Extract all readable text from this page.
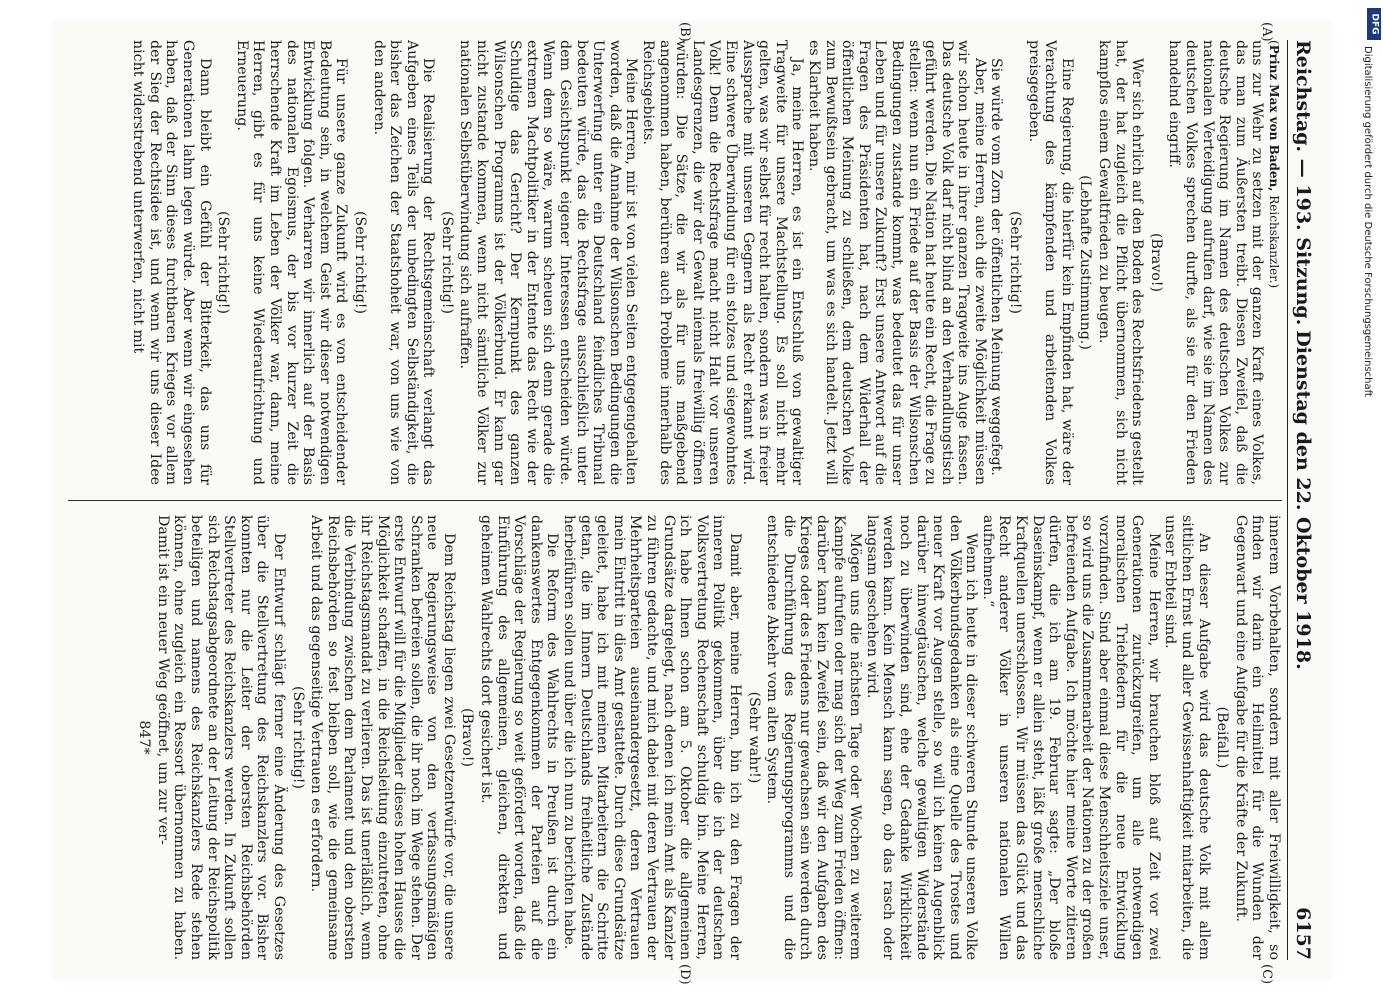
Reichstag. — 193. Sitzung.
Dienstag den 22. Oktober 1918.
6157
(A)
(B)
(C)
(D)

(Prinz Max von Baden, Reichskanzler.)

uns zur Wehr zu setzen mit der ganzen Kraft eines Volkes, das man zum Äußersten treibt. Diesen Zweifel, daß die deutsche Regierung im Namen des deutschen Volkes zur nationalen Verteidigung aufrufen darf, wie sie im Namen des deutschen Volkes sprechen durfte, als sie für den Frieden handelnd eingriff.

(Bravo!)

Wer sich ehrlich auf den Boden des Rechtsfriedens gestellt hat, der hat zugleich die Pflicht übernommen, sich nicht kampflos einem Gewaltfrieden zu beugen.

(Lebhafte Zustimmung.)

Eine Regierung, die hierfür kein Empfinden hat, wäre der Verachtung des kämpfenden und arbeitenden Volkes preisgegeben.

(Sehr richtig!)

Sie würde vom Zorn der öffentlichen Meinung weggefegt.

Aber, meine Herren, auch die zweite Möglichkeit müssen wir schon heute in ihrer ganzen Tragweite ins Auge fassen. Das deutsche Volk darf nicht blind an den Verhandlungstisch geführt werden. Die Nation hat heute ein Recht, die Frage zu stellen: wenn nun ein Friede auf der Basis der Wilsonschen Bedingungen zustande kommt, was bedeutet das für unser Leben und für unsere Zukunft? Erst unsere Antwort auf die Fragen des Präsidenten hat, nach dem Widerhall der öffentlichen Meinung zu schließen, dem deutschen Volke zum Bewußtsein gebracht, um was es sich handelt. Jetzt will es Klarheit haben.

Ja, meine Herren, es ist ein Entschluß von gewaltiger Tragweite für unsere Machtstellung. Es soll nicht mehr gelten, was wir selbst für recht halten, sondern was in freier Aussprache mit unseren Gegnern als Recht erkannt wird. Eine schwere Überwindung für ein stolzes und siegewohntes Volk! Denn die Rechtsfrage macht nicht Halt vor unseren Landesgrenzen, die wir der Gewalt niemals freiwillig öffnen würden: Die Sätze, die wir als für uns maßgebend angenommen haben, berühren auch Probleme innerhalb des Reichsgebiets.

Meine Herren, mir ist von vielen Seiten entgegengehalten worden, daß die Annahme der Wilsonschen Bedingungen die Unterwerfung unter ein Deutschland feindliches Tribunal bedeuten würde, das die Rechtsfrage ausschließlich unter dem Gesichtspunkt eigener Interessen entscheiden würde. Wenn dem so wäre, warum scheuen sich denn gerade die extremen Machtpolitiker in der Entente das Recht wie der Schuldige das Gericht? Der Kernpunkt des ganzen Wilsonschen Programms ist der Völkerbund. Er kann gar nicht zustande kommen, wenn nicht sämtliche Völker zur nationalen Selbstüberwindung sich aufraffen.

(Sehr richtig!)

Die Realisierung der Rechtsgemeinschaft verlangt das Aufgeben eines Teils der unbedingten Selbständigkeit, die bisher das Zeichen der Staatshoheit war, von uns wie von den anderen.

(Sehr richtig!)

Für unsere ganze Zukunft wird es von entscheidender Bedeutung sein, in welchem Geist wir dieser notwendigen Entwicklung folgen. Verharren wir innerlich auf der Basis des nationalen Egoismus, der bis vor kurzer Zeit die herrschende Kraft im Leben der Völker war, dann, meine Herren, gibt es für uns keine Wiederaufrichtung und Erneuerung.

(Sehr richtig!)

Dann bleibt ein Gefühl der Bitterkeit, das uns für Generationen lahm legen würde. Aber wenn wir eingesehen haben, daß der Sinn dieses furchtbaren Krieges vor allem der Sieg der Rechtsidee ist, und wenn wir uns dieser Idee nicht widerstrebend unterwerfen, nicht mit

innerem Vorbehalten, sondern mit aller Freiwilligkeit, so finden wir darin ein Heilmittel für die Wunden der Gegenwart und eine Aufgabe für die Kräfte der Zukunft.

(Beifall.)

An dieser Aufgabe wird das deutsche Volk mit allem sittlichen Ernst und aller Gewissenhaftigkeit mitarbeiten, die unser Erbteil sind.

Meine Herren, wir brauchen bloß auf Zeit vor zwei Generationen zurückzugreifen, um alle notwendigen moralischen Triebfedern für die neue Entwicklung vorzufinden. Sind aber einmal diese Menschheitsziele unser, so wird uns die Zusammenarbeit der Nationen zu der großen befreienden Aufgabe. Ich möchte hier meine Worte zitieren dürfen, die ich am 19. Februar sagte: „Der bloße Daseinskampf, wenn er allein steht, läßt große menschliche Kraftquellen unerschlossen. Wir müssen das Glück und das Recht anderer Völker in unseren nationalen Willen aufnehmen.“

Wenn ich heute in dieser schweren Stunde unseren Volke den Völkerbundsgedanken als eine Quelle des Trostes und neuer Kraft vor Augen stelle, so will ich keinen Augenblick darüber hinwegtäuschen, welche gewaltigen Widerstände noch zu überwinden sind, ehe der Gedanke Wirklichkeit werden kann. Kein Mensch kann sagen, ob das rasch oder langsam geschehen wird.

Mögen uns die nächsten Tage oder Wochen zu weiterem Kampfe aufrufen oder mag sich der Weg zum Frieden öffnen: darüber kann kein Zweifel sein, daß wir den Aufgaben des Krieges oder des Friedens nur gewachsen sein werden durch die Durchführung des Regierungsprogramms und die entschiedene Abkehr vom alten System.

(Sehr wahr!)

Damit aber, meine Herren, bin ich zu den Fragen der inneren Politik gekommen, über die ich der deutschen Volksvertretung Rechenschaft schuldig bin. Meine Herren, ich habe Ihnen schon am 5. Oktober die allgemeinen Grundsätze dargelegt, nach denen ich mein Amt als Kanzler zu führen gedachte, und mich dabei mit deren Vertrauen der Mehrheitsparteien auseinandergesetzt, deren Vertrauen mein Eintritt in dies Amt gestattete. Durch diese Grundsätze geleitet, habe ich mit meinen Mitarbeitern die Schritte getan, die im Innern Deutschlands freiheitliche Zustände herbeiführen sollen und über die ich nun zu berichten habe.

Die Reform des Wahlrechts in Preußen ist durch ein dankenswertes Entgegenkommen der Parteien auf die Vorschläge der Regierung so weit gefördert worden, daß die Einführung des allgemeinen, gleichen, direkten und geheimen Wahlrechts dort gesichert ist.

(Bravo!)

Dem Reichstag liegen zwei Gesetzentwürfe vor, die unsere neue Regierungsweise von den verfassungsmäßigen Schranken befreien sollen, die ihr noch im Wege stehen. Der erste Entwurf will für die Mitglieder dieses hohen Hauses die Möglichkeit schaffen, in die Reichsleitung einzutreten, ohne ihr Reichstagsmandat zu verlieren. Das ist unerläßlich, wenn die Verbindung zwischen dem Parlament und den obersten Reichsbehörden so fest bleiben soll, wie die gemeinsame Arbeit und das gegenseitige Vertrauen es erfordern.

(Sehr richtig!)

Der Entwurf schlägt ferner eine Änderung des Gesetzes über die Stellvertretung des Reichskanzlers vor. Bisher konnten nur die Leiter der obersten Reichsbehörden Stellvertreter des Reichskanzlers werden. In Zukunft sollen sich Reichstagsabgeordnete an der Leitung der Reichspolitik beteiligen und namens des Reichskanzlers Rede stehen können, ohne zugleich ein Ressort übernommen zu haben. Damit ist ein neuer Weg geöffnet, um zur ver-

847*

DFG
Digitalisierung gefördert durch die Deutsche Forschungsgemeinschaft
